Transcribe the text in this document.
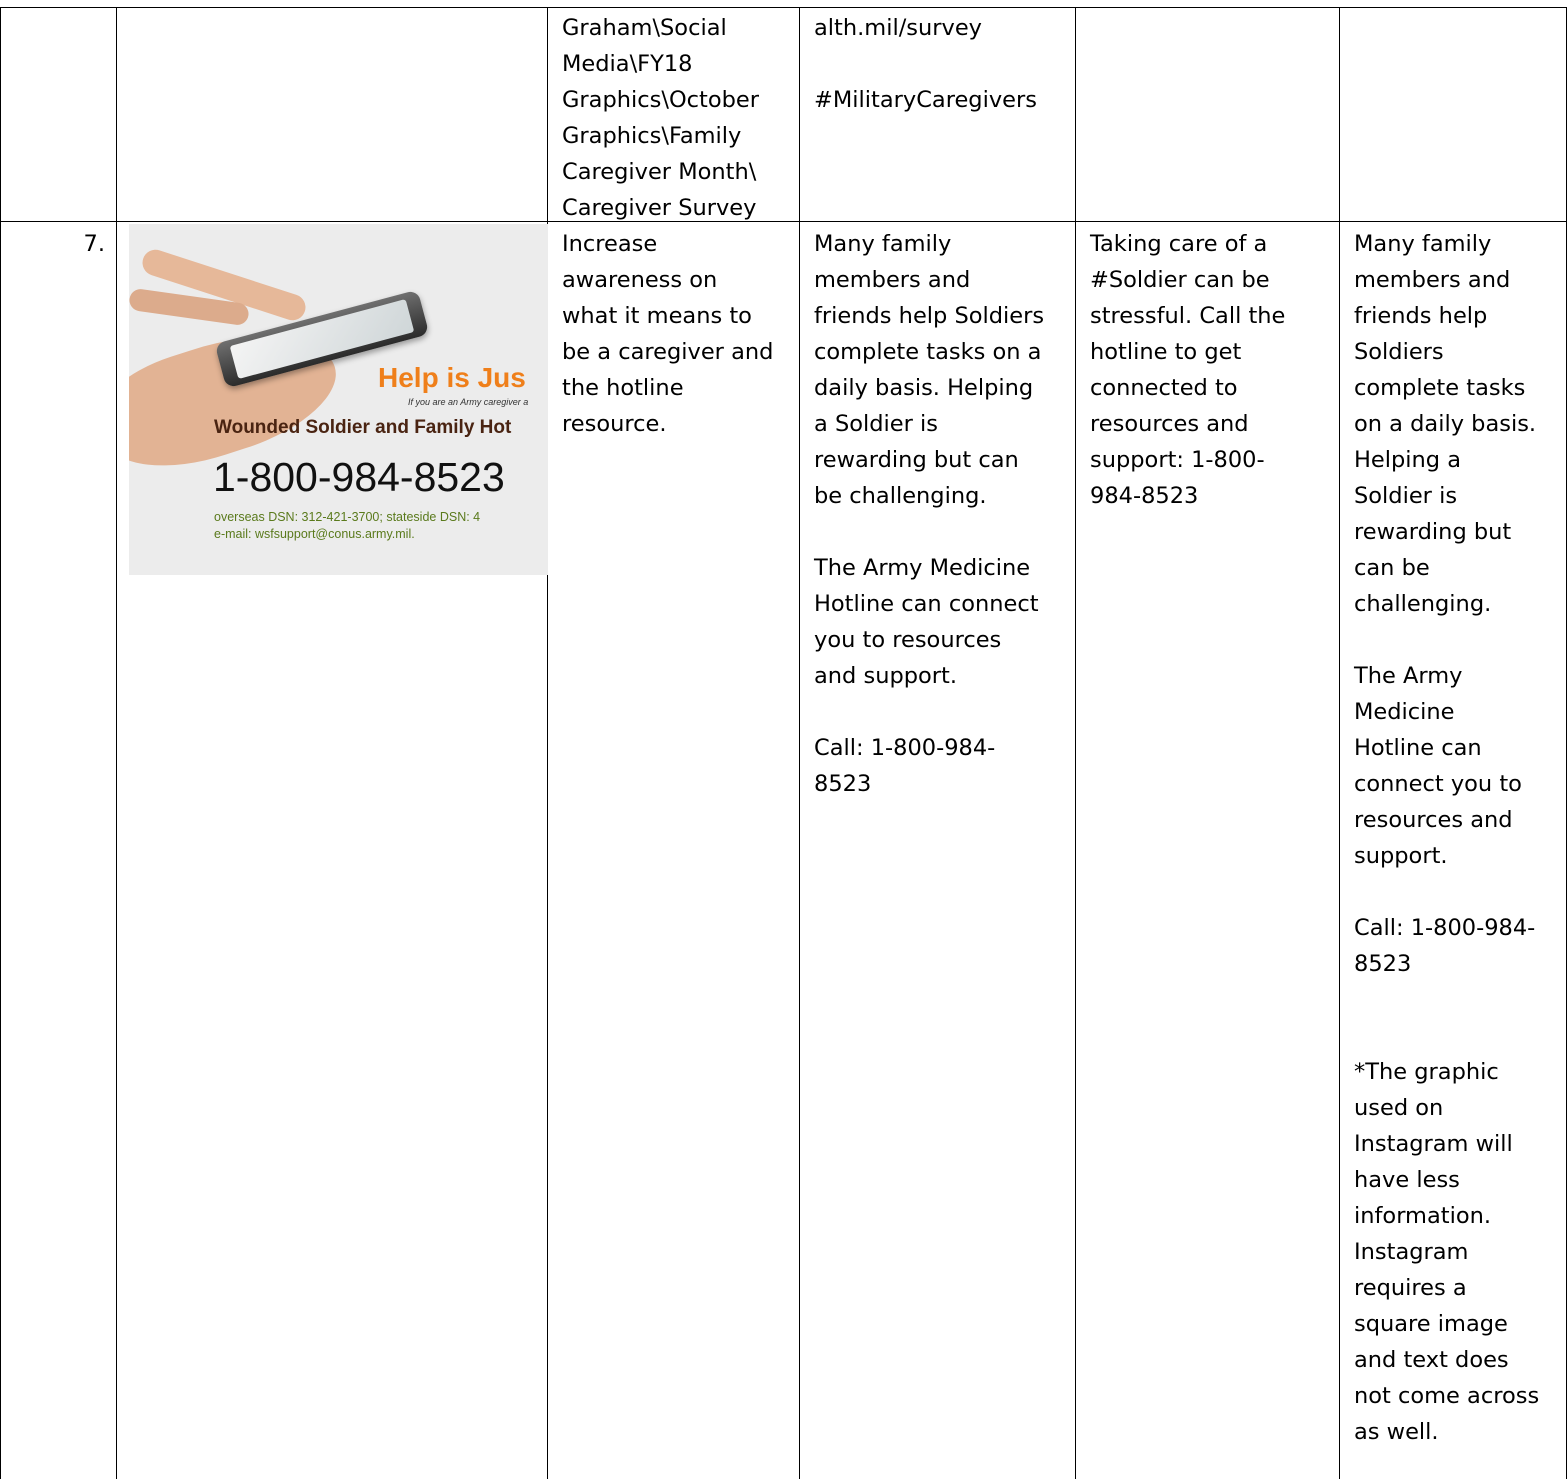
Graham\Social
Media\FY18
Graphics\October
Graphics\Family
Caregiver Month\
Caregiver Survey
alth.mil/survey
#MilitaryCaregivers
7.
Help is Jus
If you are an Army caregiver a
Wounded Soldier and Family Hot
1-800-984-8523
overseas DSN: 312-421-3700; stateside DSN: 4
e-mail: wsfsupport@conus.army.mil.
Increase
awareness on
what it means to
be a caregiver and
the hotline
resource.
Many family
members and
friends help Soldiers
complete tasks on a
daily basis. Helping
a Soldier is
rewarding but can
be challenging.
The Army Medicine
Hotline can connect
you to resources
and support.
Call: 1-800-984-
8523
Taking care of a
#Soldier can be
stressful. Call the
hotline to get
connected to
resources and
support: 1-800-
984-8523
Many family
members and
friends help
Soldiers
complete tasks
on a daily basis.
Helping a
Soldier is
rewarding but
can be
challenging.
The Army
Medicine
Hotline can
connect you to
resources and
support.
Call: 1-800-984-
8523
*The graphic
used on
Instagram will
have less
information.
Instagram
requires a
square image
and text does
not come across
as well.
